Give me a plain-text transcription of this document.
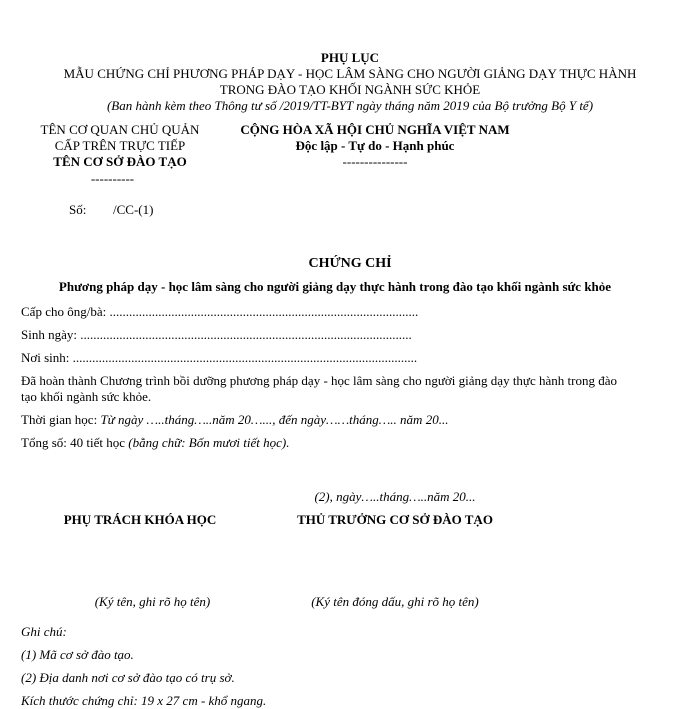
PHỤ LỤC
MẪU CHỨNG CHỈ PHƯƠNG PHÁP DẠY - HỌC LÂM SÀNG CHO NGƯỜI GIẢNG DẠY THỰC HÀNH
TRONG ĐÀO TẠO KHỐI NGÀNH SỨC KHỎE
(Ban hành kèm theo Thông tư số /2019/TT-BYT ngày tháng năm 2019 của Bộ trưởng Bộ Y tế)
TÊN CƠ QUAN CHỦ QUẢN
CẤP TRÊN TRỰC TIẾP
TÊN CƠ SỞ ĐÀO TẠO
----------
CỘNG HÒA XÃ HỘI CHỦ NGHĨA VIỆT NAM
Độc lập - Tự do - Hạnh phúc
---------------
Số: /CC-(1)
CHỨNG CHỈ
Phương pháp dạy - học lâm sàng cho người giảng dạy thực hành trong đào tạo khối ngành sức khỏe
Cấp cho ông/bà: ...............................................................................................
Sinh ngày: ......................................................................................................
Nơi sinh: ..........................................................................................................
Đã hoàn thành Chương trình bồi dưỡng phương pháp dạy - học lâm sàng cho người giảng dạy thực hành trong đào
tạo khối ngành sức khỏe.
Thời gian học: Từ ngày …..tháng…..năm 20…..., đến ngày……tháng….. năm 20...
Tổng số: 40 tiết học (bằng chữ: Bốn mươi tiết học).
(2), ngày…..tháng…..năm 20...
PHỤ TRÁCH KHÓA HỌC	THỦ TRƯỞNG CƠ SỞ ĐÀO TẠO
(Ký tên, ghi rõ họ tên)	(Ký tên đóng dấu, ghi rõ họ tên)
Ghi chú:
(1) Mã cơ sở đào tạo.
(2) Địa danh nơi cơ sở đào tạo có trụ sở.
Kích thước chứng chỉ: 19 x 27 cm - khổ ngang.
